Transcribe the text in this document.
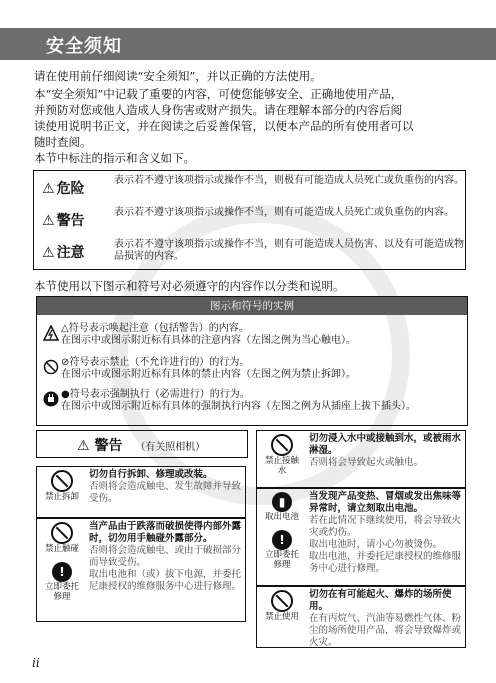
安全须知
请在使用前仔细阅读“安全须知”，并以正确的方法使用。
本“安全须知”中记载了重要的内容，可使您能够安全、正确地使用产品，
并预防对您或他人造成人身伤害或财产损失。请在理解本部分的内容后阅
读使用说明书正文，并在阅读之后妥善保管，以便本产品的所有使用者可以
随时查阅。
本节中标注的指示和含义如下。
⚠ 危险
表示若不遵守该项指示或操作不当，则极有可能造成人员死亡或负重伤的内容。
⚠ 警告
表示若不遵守该项指示或操作不当，则有可能造成人员死亡或负重伤的内容。
⚠ 注意
表示若不遵守该项指示或操作不当，则有可能造成人员伤害、以及有可能造成物品损害的内容。
本节使用以下图示和符号对必须遵守的内容作以分类和说明。
图示和符号的实例
△符号表示唤起注意（包括警告）的内容。
在图示中或图示附近标有具体的注意内容（左图之例为当心触电）。
⊘符号表示禁止（不允许进行的）的行为。
在图示中或图示附近标有具体的禁止内容（左图之例为禁止拆卸）。
●符号表示强制执行（必需进行）的行为。
在图示中或图示附近标有具体的强制执行内容（左图之例为从插座上拔下插头）。
⚠ 警告 （有关照相机）
禁止拆卸
切勿自行拆卸、修理或改装。
否则将会造成触电、发生故障并导致受伤。
禁止触碰
!
立即委托修理
当产品由于跌落而破损使得内部外露时，切勿用手触碰外露部分。
否则将会造成触电、或由于破损部分而导致受伤。
取出电池和（或）拔下电源，并委托尼康授权的维修服务中心进行修理。
禁止接触水
切勿浸入水中或接触到水，或被雨水淋湿。
否则将会导致起火或触电。
▮
取出电池
!
立即委托修理
当发现产品变热、冒烟或发出焦味等异常时，请立刻取出电池。
若在此情况下继续使用，将会导致火灾或灼伤。
取出电池时，请小心勿被烫伤。
取出电池，并委托尼康授权的维修服务中心进行修理。
禁止使用
切勿在有可能起火、爆炸的场所使用。
在有丙烷气、汽油等易燃性气体、粉尘的场所使用产品，将会导致爆炸或火灾。
ii
